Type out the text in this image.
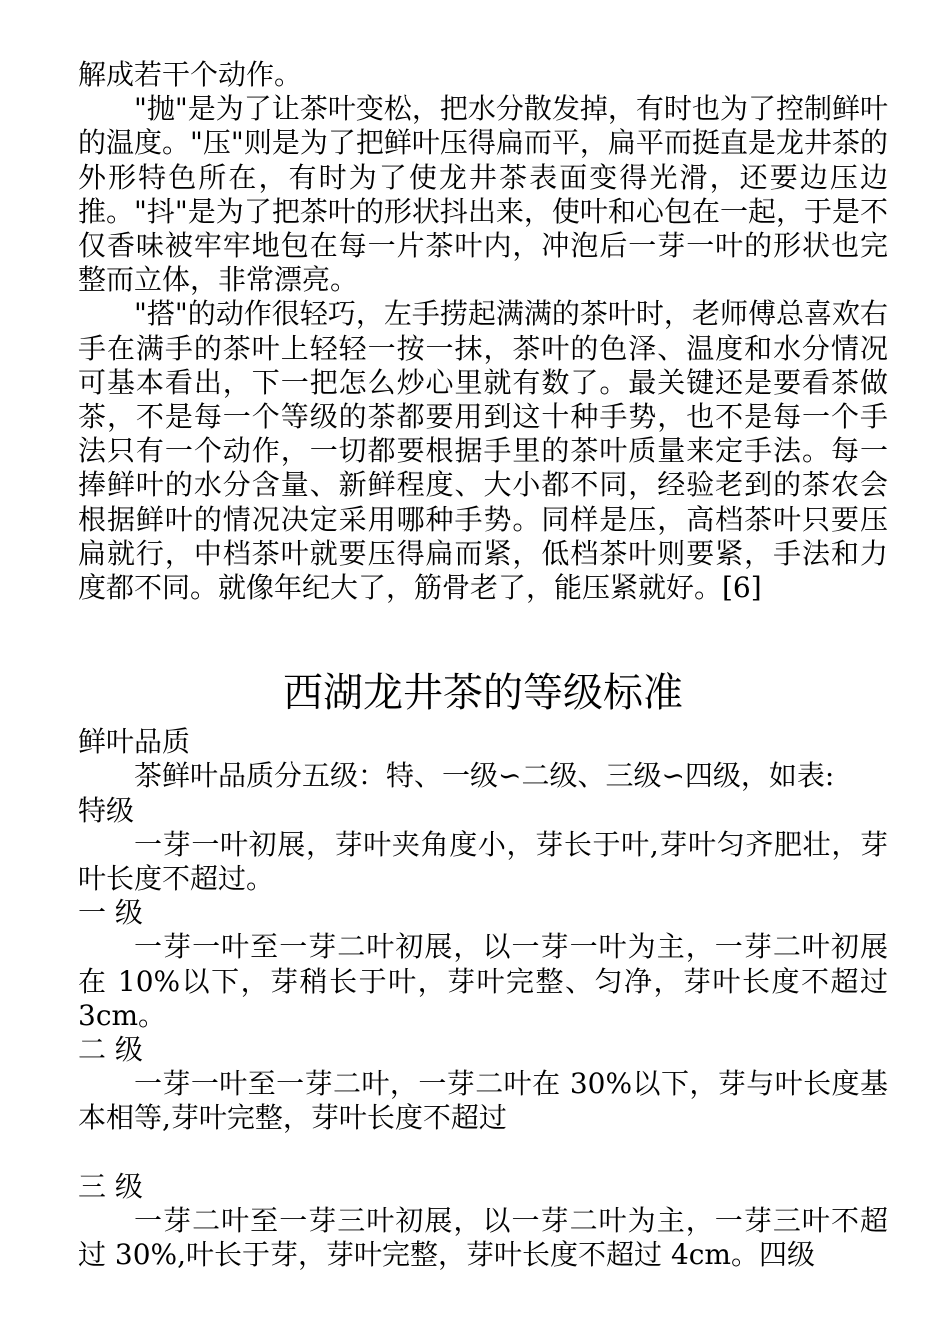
解成若干个动作。

"抛"是为了让茶叶变松，把水分散发掉，有时也为了控制鲜叶的温度。"压"则是为了把鲜叶压得扁而平，扁平而挺直是龙井茶的外形特色所在，有时为了使龙井茶表面变得光滑，还要边压边推。"抖"是为了把茶叶的形状抖出来，使叶和心包在一起，于是不仅香味被牢牢地包在每一片茶叶内，冲泡后一芽一叶的形状也完整而立体，非常漂亮。

"搭"的动作很轻巧，左手捞起满满的茶叶时，老师傅总喜欢右手在满手的茶叶上轻轻一按一抹，茶叶的色泽、温度和水分情况可基本看出，下一把怎么炒心里就有数了。最关键还是要看茶做茶，不是每一个等级的茶都要用到这十种手势，也不是每一个手法只有一个动作，一切都要根据手里的茶叶质量来定手法。每一捧鲜叶的水分含量、新鲜程度、大小都不同，经验老到的茶农会根据鲜叶的情况决定采用哪种手势。同样是压，高档茶叶只要压扁就行，中档茶叶就要压得扁而紧，低档茶叶则要紧，手法和力度都不同。就像年纪大了，筋骨老了，能压紧就好。[6]

西湖龙井茶的等级标准

鲜叶品质

茶鲜叶品质分五级：特、一级∽二级、三级∽四级，如表:

特级

一芽一叶初展，芽叶夹角度小，芽长于叶,芽叶匀齐肥壮，芽叶长度不超过。

一 级

一芽一叶至一芽二叶初展，以一芽一叶为主，一芽二叶初展在 10%以下，芽稍长于叶，芽叶完整、匀净，芽叶长度不超过 3cm。

二 级

一芽一叶至一芽二叶，一芽二叶在 30%以下，芽与叶长度基本相等,芽叶完整，芽叶长度不超过

三 级

一芽二叶至一芽三叶初展，以一芽二叶为主，一芽三叶不超过 30%,叶长于芽，芽叶完整，芽叶长度不超过 4cm。四级
